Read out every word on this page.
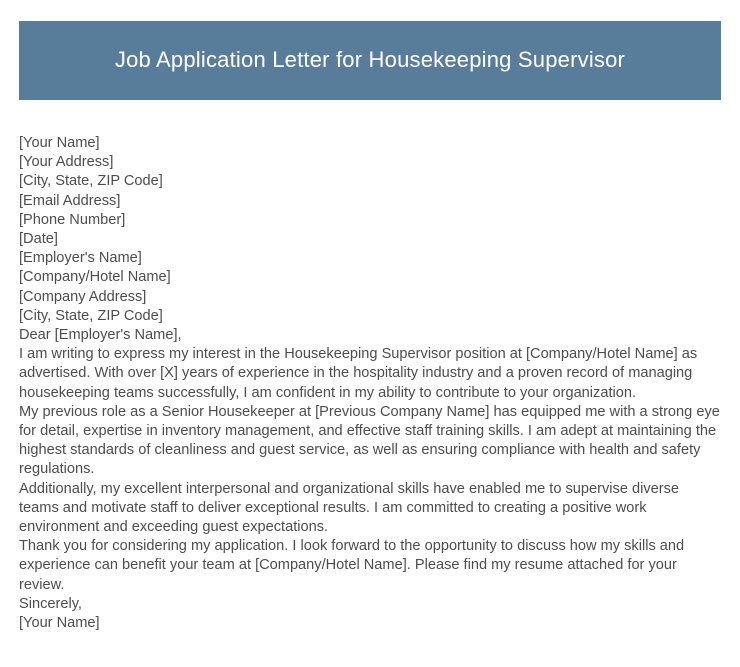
Job Application Letter for Housekeeping Supervisor
[Your Name]
[Your Address]
[City, State, ZIP Code]
[Email Address]
[Phone Number]
[Date]
[Employer's Name]
[Company/Hotel Name]
[Company Address]
[City, State, ZIP Code]
Dear [Employer's Name],

I am writing to express my interest in the Housekeeping Supervisor position at [Company/Hotel Name] as advertised. With over [X] years of experience in the hospitality industry and a proven record of managing housekeeping teams successfully, I am confident in my ability to contribute to your organization.

My previous role as a Senior Housekeeper at [Previous Company Name] has equipped me with a strong eye for detail, expertise in inventory management, and effective staff training skills. I am adept at maintaining the highest standards of cleanliness and guest service, as well as ensuring compliance with health and safety regulations.

Additionally, my excellent interpersonal and organizational skills have enabled me to supervise diverse teams and motivate staff to deliver exceptional results. I am committed to creating a positive work environment and exceeding guest expectations.

Thank you for considering my application. I look forward to the opportunity to discuss how my skills and experience can benefit your team at [Company/Hotel Name]. Please find my resume attached for your review.

Sincerely,
[Your Name]
